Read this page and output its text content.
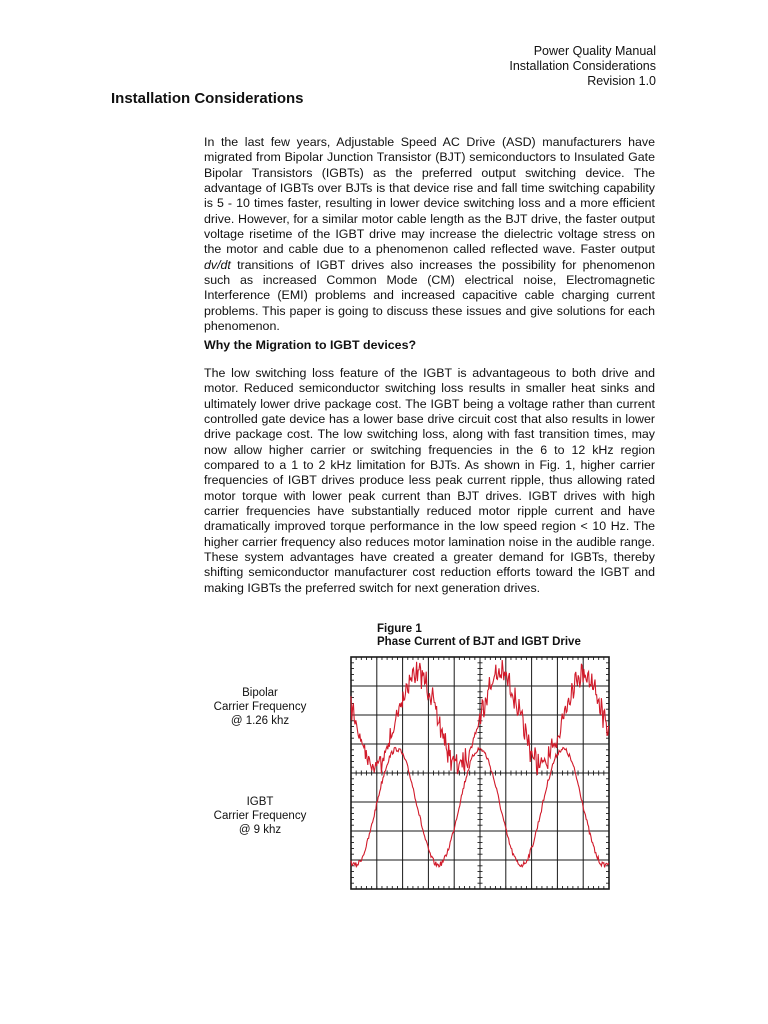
Power Quality Manual
Installation Considerations
Revision 1.0
Installation Considerations

In the last few years, Adjustable Speed AC Drive (ASD) manufacturers have migrated from Bipolar Junction Transistor (BJT) semiconductors to Insulated Gate Bipolar Transistors (IGBTs) as the preferred output switching device. The advantage of IGBTs over BJTs is that device rise and fall time switching capability is 5 - 10 times faster, resulting in lower device switching loss and a more efficient drive. However, for a similar motor cable length as the BJT drive, the faster output voltage risetime of the IGBT drive may increase the dielectric voltage stress on the motor and cable due to a phenomenon called reflected wave. Faster output dv/dt transitions of IGBT drives also increases the possibility for phenomenon such as increased Common Mode (CM) electrical noise, Electromagnetic Interference (EMI) problems and increased capacitive cable charging current problems. This paper is going to discuss these issues and give solutions for each phenomenon.

Why the Migration to IGBT devices?

The low switching loss feature of the IGBT is advantageous to both drive and motor. Reduced semiconductor switching loss results in smaller heat sinks and ultimately lower drive package cost. The IGBT being a voltage rather than current controlled gate device has a lower base drive circuit cost that also results in lower drive package cost. The low switching loss, along with fast transition times, may now allow higher carrier or switching frequencies in the 6 to 12 kHz region compared to a 1 to 2 kHz limitation for BJTs. As shown in Fig. 1, higher carrier frequencies of IGBT drives produce less peak current ripple, thus allowing rated motor torque with lower peak current than BJT drives. IGBT drives with high carrier frequencies have substantially reduced motor ripple current and have dramatically improved torque performance in the low speed region < 10 Hz. The higher carrier frequency also reduces motor lamination noise in the audible range. These system advantages have created a greater demand for IGBTs, thereby shifting semiconductor manufacturer cost reduction efforts toward the IGBT and making IGBTs the preferred switch for next generation drives.

Figure 1
Phase Current of BJT and IGBT Drive
Bipolar
Carrier Frequency
@ 1.26 khz
IGBT
Carrier Frequency
@ 9 khz
